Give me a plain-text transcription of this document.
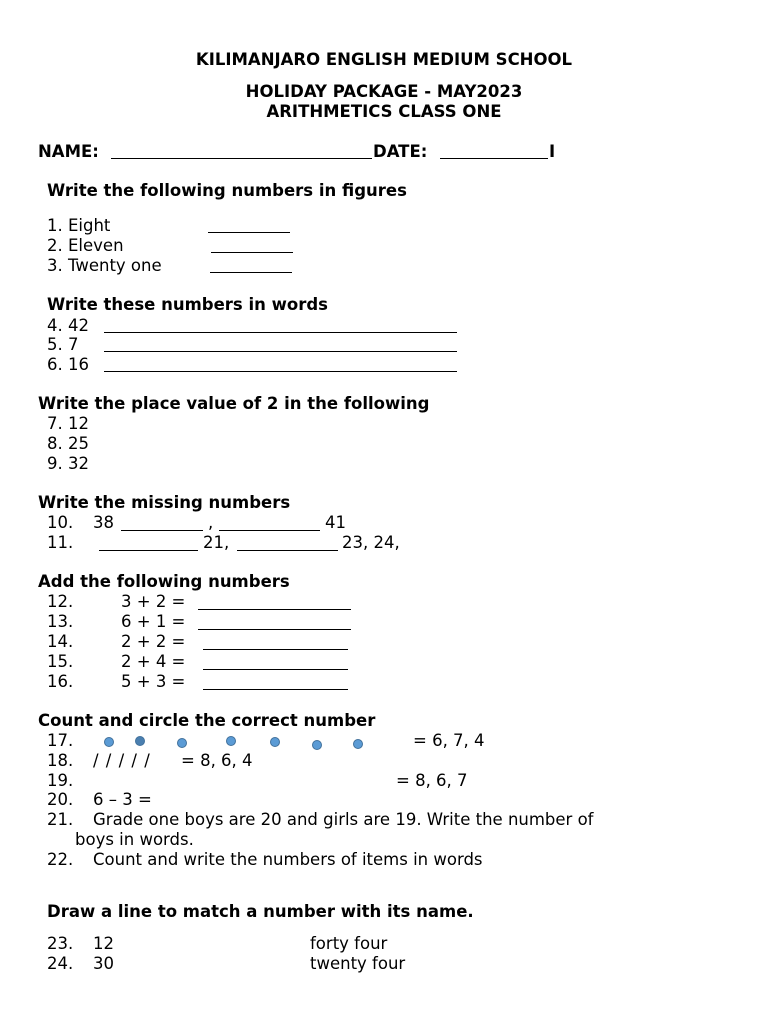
KILIMANJARO ENGLISH MEDIUM SCHOOL
HOLIDAY PACKAGE - MAY2023
ARITHMETICS CLASS ONE
NAME:	DATE:	I
Write the following numbers in figures
1. Eight
2. Eleven
3. Twenty one
Write these numbers in words
4. 42
5. 7
6. 16
Write the place value of 2 in the following
7. 12
8. 25
9. 32
Write the missing numbers
10. 38	,	41
11.	21,	23, 24,
Add the following numbers
12.	3 + 2 =
13.	6 + 1 =
14.	2 + 2 =
15.	2 + 4 =
16.	5 + 3 =
Count and circle the correct number
17.	= 6, 7, 4
18. / / / / / = 8, 6, 4
19.	= 8, 6, 7
20. 6 – 3 =
21. Grade one boys are 20 and girls are 19. Write the number of
boys in words.
22. Count and write the numbers of items in words
Draw a line to match a number with its name.
23. 12	forty four
24. 30	twenty four
